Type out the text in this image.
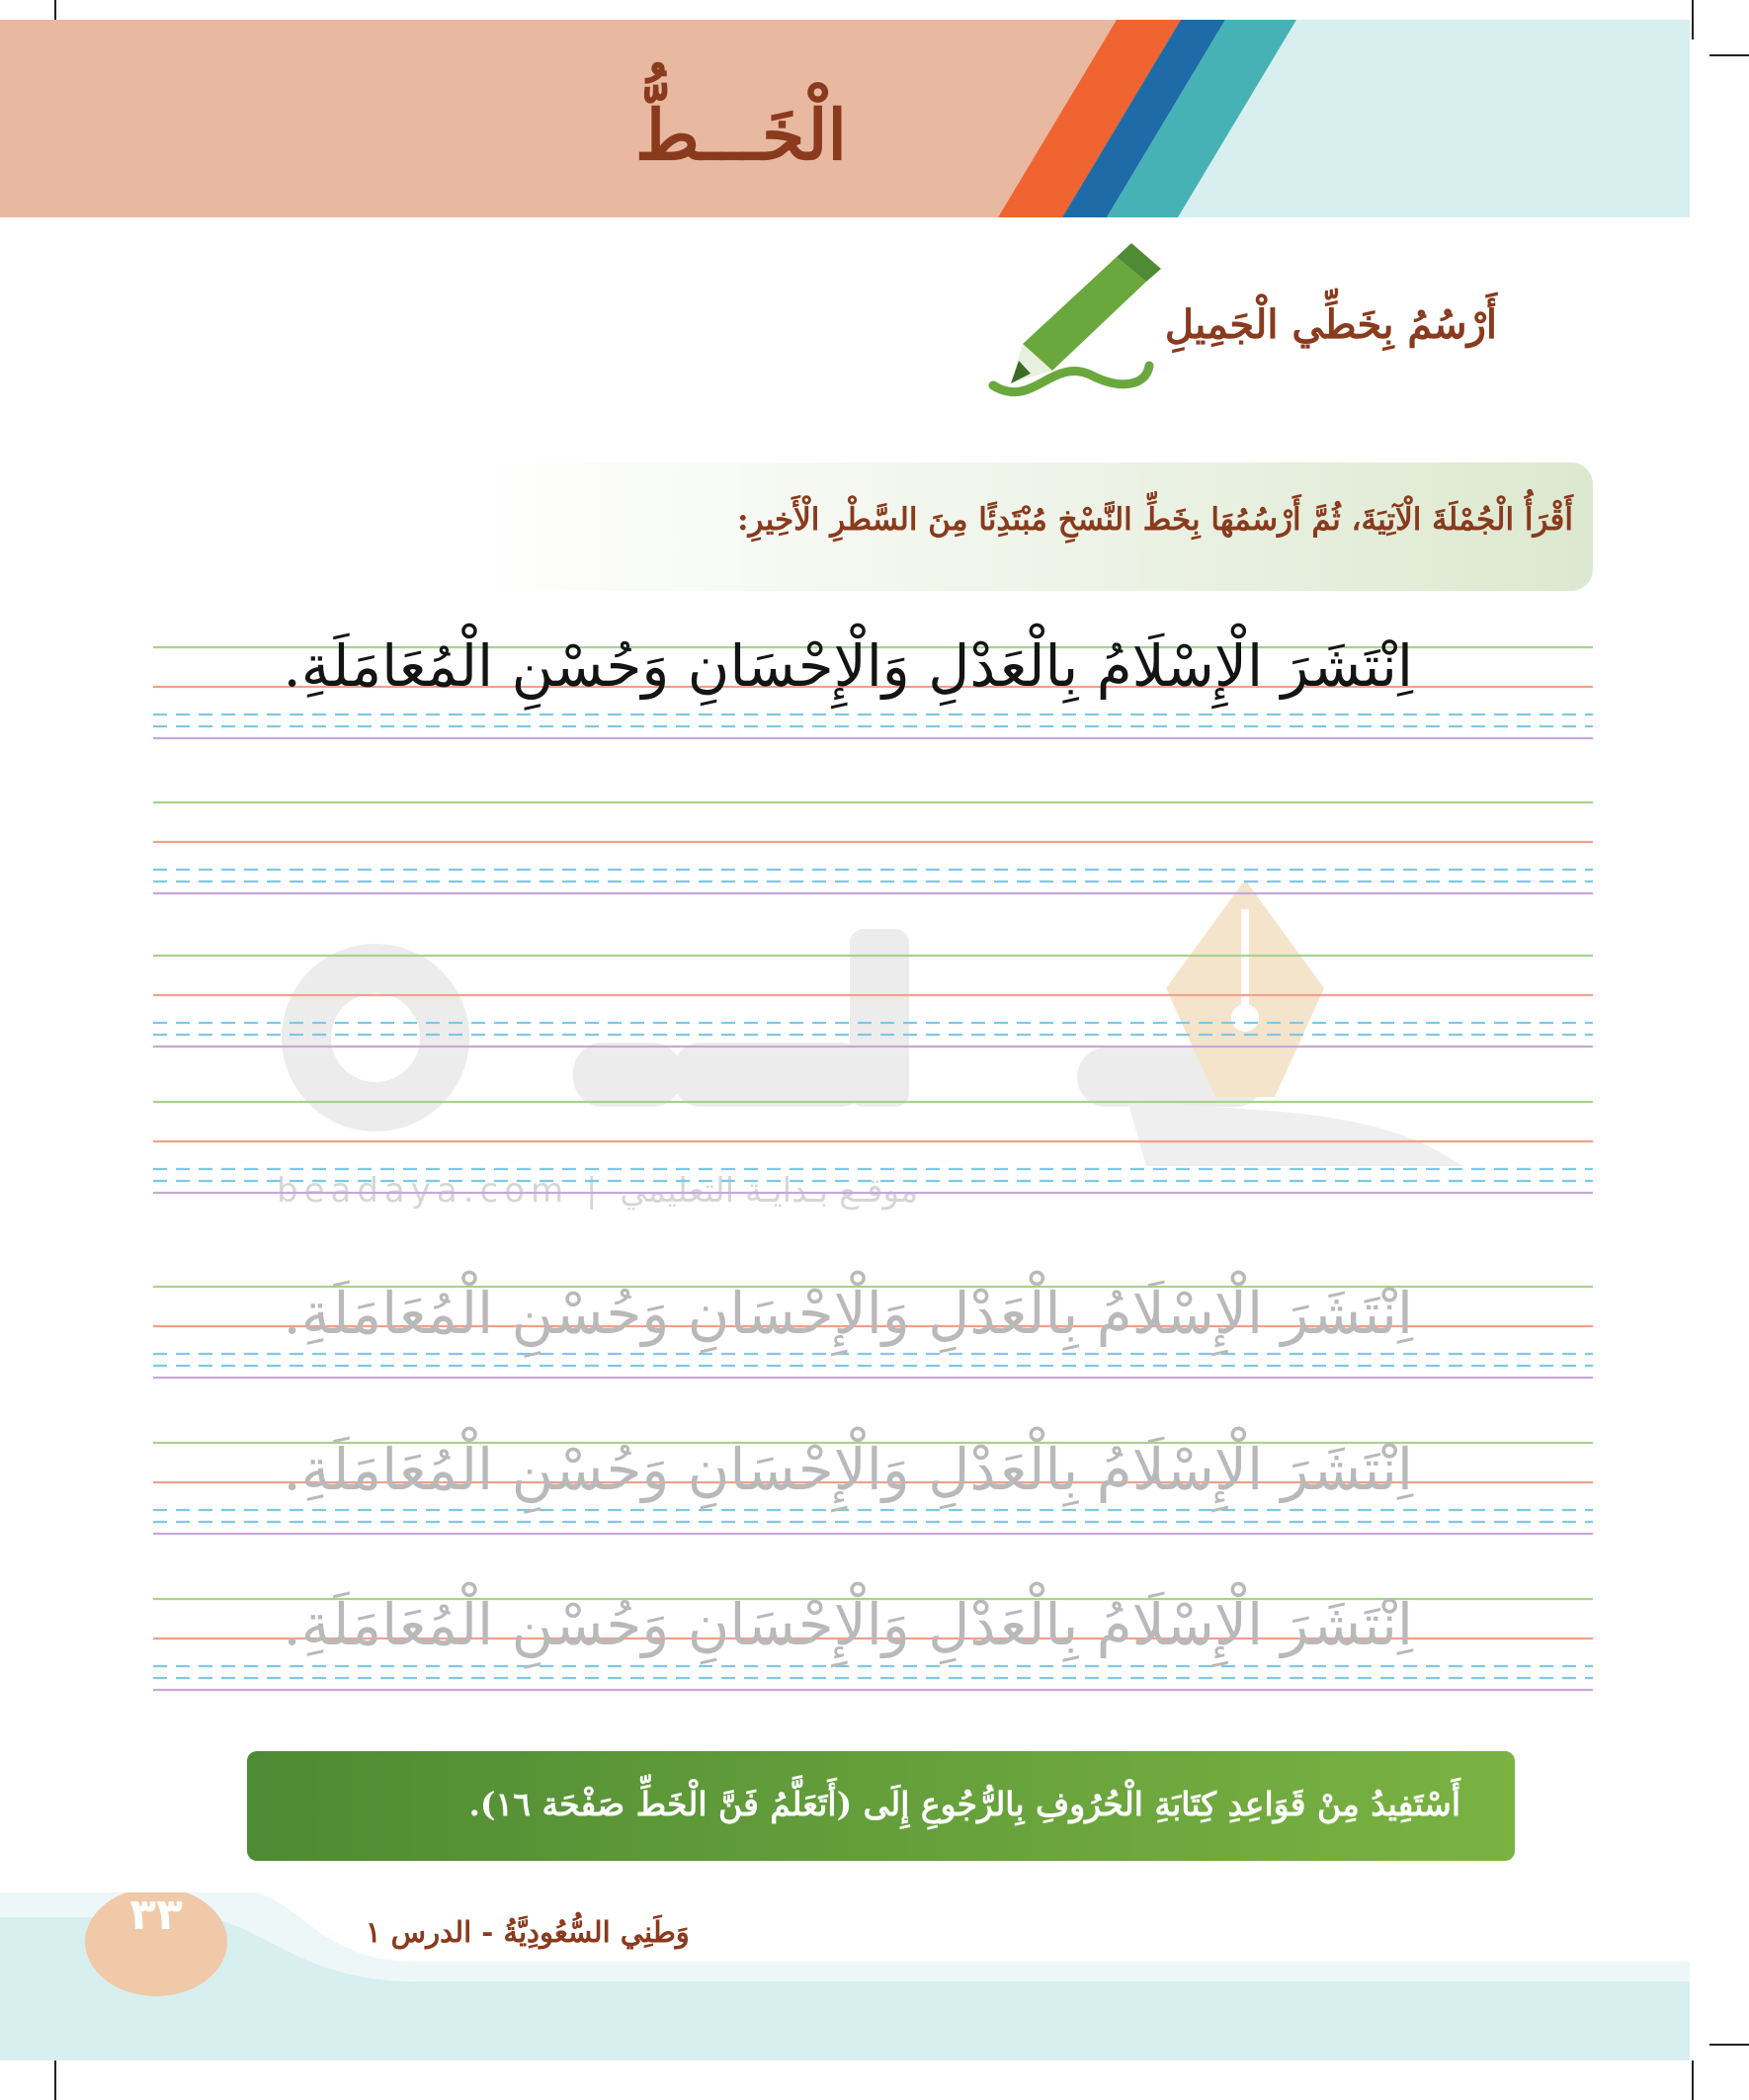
الْخَـــطُّ
أَرْسُمُ بِخَطِّي الْجَمِيلِ
أَقْرَأُ الْجُمْلَةَ الْآتِيَةَ، ثُمَّ أَرْسُمُهَا بِخَطِّ النَّسْخِ مُبْتَدِئًا مِنَ السَّطْرِ الْأَخِيرِ:
beadaya.com | موقـع بـدايـة التعليمي
اِنْتَشَرَ الْإِسْلَامُ بِالْعَدْلِ وَالْإِحْسَانِ وَحُسْنِ الْمُعَامَلَةِ.
اِنْتَشَرَ الْإِسْلَامُ بِالْعَدْلِ وَالْإِحْسَانِ وَحُسْنِ الْمُعَامَلَةِ.
اِنْتَشَرَ الْإِسْلَامُ بِالْعَدْلِ وَالْإِحْسَانِ وَحُسْنِ الْمُعَامَلَةِ.
اِنْتَشَرَ الْإِسْلَامُ بِالْعَدْلِ وَالْإِحْسَانِ وَحُسْنِ الْمُعَامَلَةِ.
أَسْتَفِيدُ مِنْ قَوَاعِدِ كِتَابَةِ الْحُرُوفِ بِالرُّجُوعِ إِلَى (أَتَعَلَّمُ فَنَّ الْخَطِّ صَفْحَة ١٦).
٣٣	وَطَنِي السُّعُودِيَّةُ - الدرس ١
